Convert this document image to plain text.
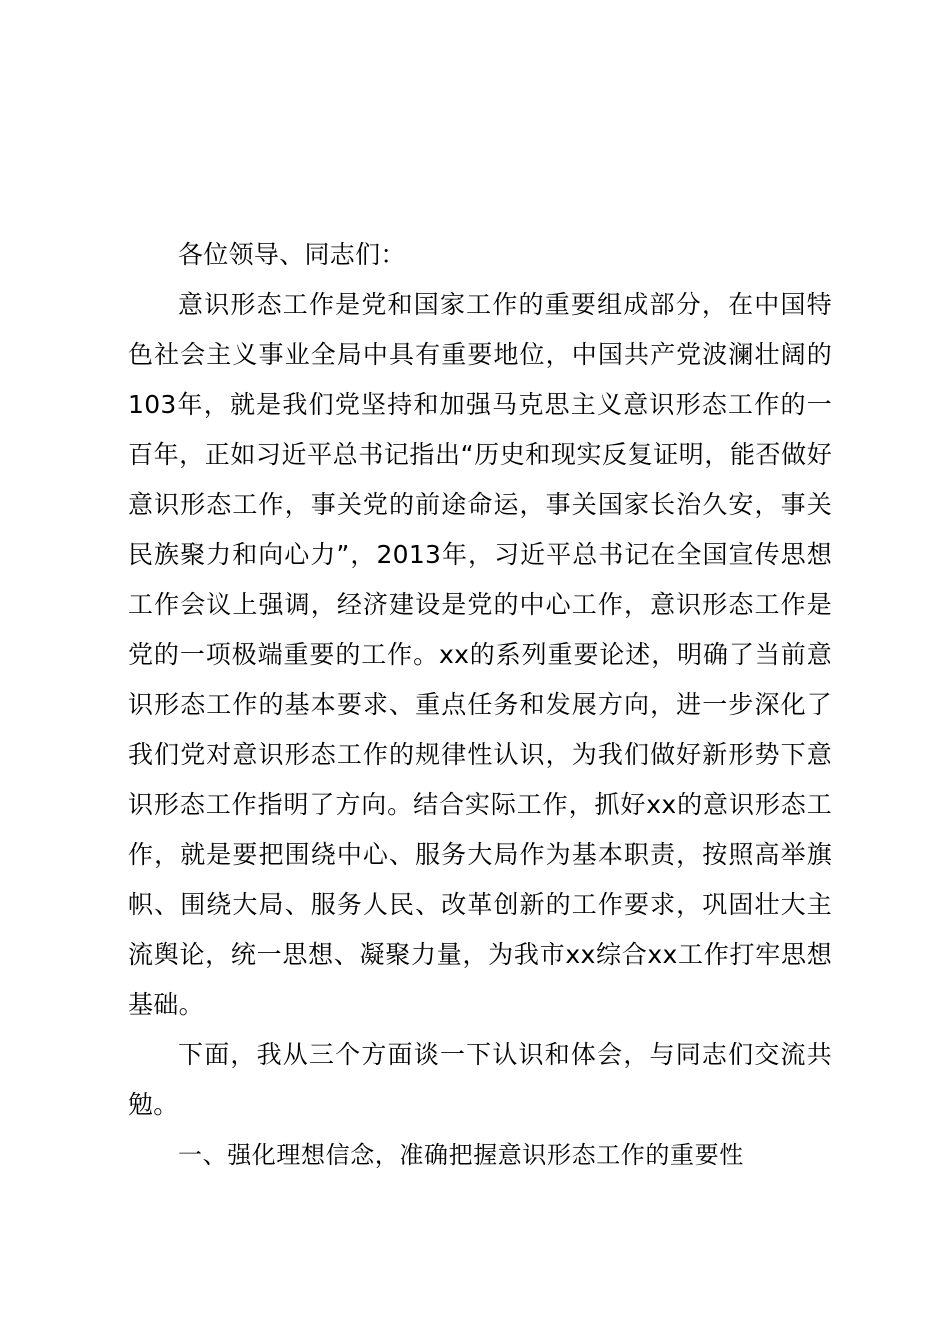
各位领导、同志们：

意识形态工作是党和国家工作的重要组成部分，在中国特色社会主义事业全局中具有重要地位，中国共产党波澜壮阔的103年，就是我们党坚持和加强马克思主义意识形态工作的一百年，正如习近平总书记指出“历史和现实反复证明，能否做好意识形态工作，事关党的前途命运，事关国家长治久安，事关民族聚力和向心力”，2013年，习近平总书记在全国宣传思想工作会议上强调，经济建设是党的中心工作，意识形态工作是党的一项极端重要的工作。xx的系列重要论述，明确了当前意识形态工作的基本要求、重点任务和发展方向，进一步深化了我们党对意识形态工作的规律性认识，为我们做好新形势下意识形态工作指明了方向。结合实际工作，抓好xx的意识形态工作，就是要把围绕中心、服务大局作为基本职责，按照高举旗帜、围绕大局、服务人民、改革创新的工作要求，巩固壮大主流舆论，统一思想、凝聚力量，为我市xx综合xx工作打牢思想基础。

下面，我从三个方面谈一下认识和体会，与同志们交流共勉。

一、强化理想信念，准确把握意识形态工作的重要性
